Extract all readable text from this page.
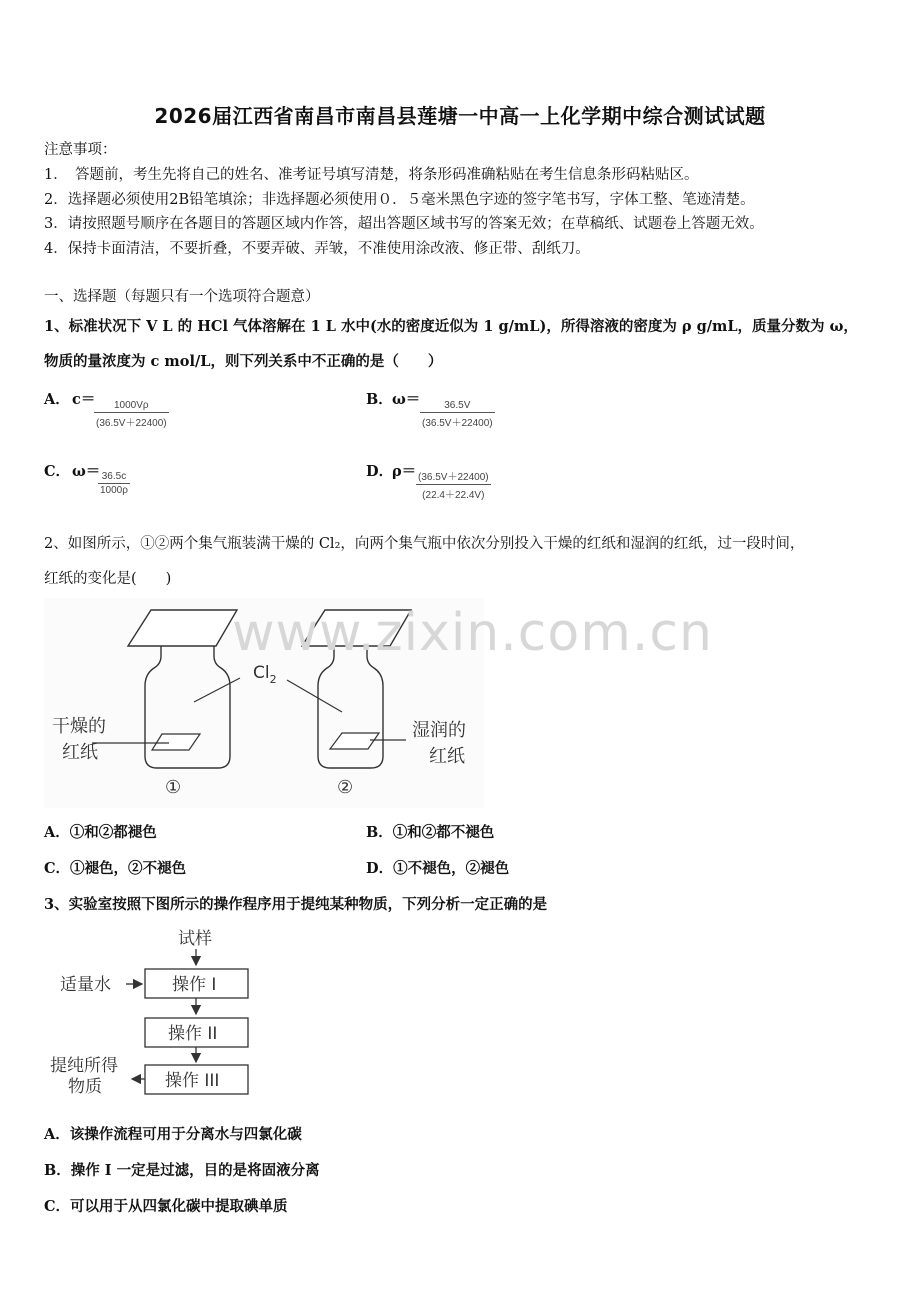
2026届江西省南昌市南昌县莲塘一中高一上化学期中综合测试试题
注意事项：
1．　答题前，考生先将自己的姓名、准考证号填写清楚，将条形码准确粘贴在考生信息条形码粘贴区。
2．选择题必须使用2B铅笔填涂；非选择题必须使用０．５毫米黑色字迹的签字笔书写，字体工整、笔迹清楚。
3．请按照题号顺序在各题目的答题区域内作答，超出答题区域书写的答案无效；在草稿纸、试题卷上答题无效。
4．保持卡面清洁，不要折叠，不要弄破、弄皱，不准使用涂改液、修正带、刮纸刀。
一、选择题（每题只有一个选项符合题意）
1、标准状况下 V L 的 HCl 气体溶解在 1 L 水中(水的密度近似为 1 g/mL)，所得溶液的密度为 ρ g/mL，质量分数为 ω，
物质的量浓度为 c mol/L，则下列关系中不正确的是（　　）
A． c＝
$\frac{1000V\rho}{(36.5V+22400)}$
B． ω＝
$\frac{36.5V}{(36.5V+22400)}$
C． ω＝
$\frac{36.5c}{1000\rho}$	D．
$\rho= \frac{(36.5V+22400)}{(22.4+22.4V)}$
2、如图所示，①②两个集气瓶装满干燥的 Cl₂，向两个集气瓶中依次分别投入干燥的红纸和湿润的红纸，过一段时间，
红纸的变化是(　　)
$Cl_2$
干燥的
红纸
湿润的
红纸
①	②
www.zixin.com.cn
A．①和②都褪色	B．①和②都不褪色
C．①褪色，②不褪色	D．①不褪色，②褪色
3、实验室按照下图所示的操作程序用于提纯某种物质，下列分析一定正确的是
试样
适量水	操作 I
操作 II
操作 III
提纯所得
物质
A．该操作流程可用于分离水与四氯化碳
B．操作 I 一定是过滤，目的是将固液分离
C．可以用于从四氯化碳中提取碘单质
